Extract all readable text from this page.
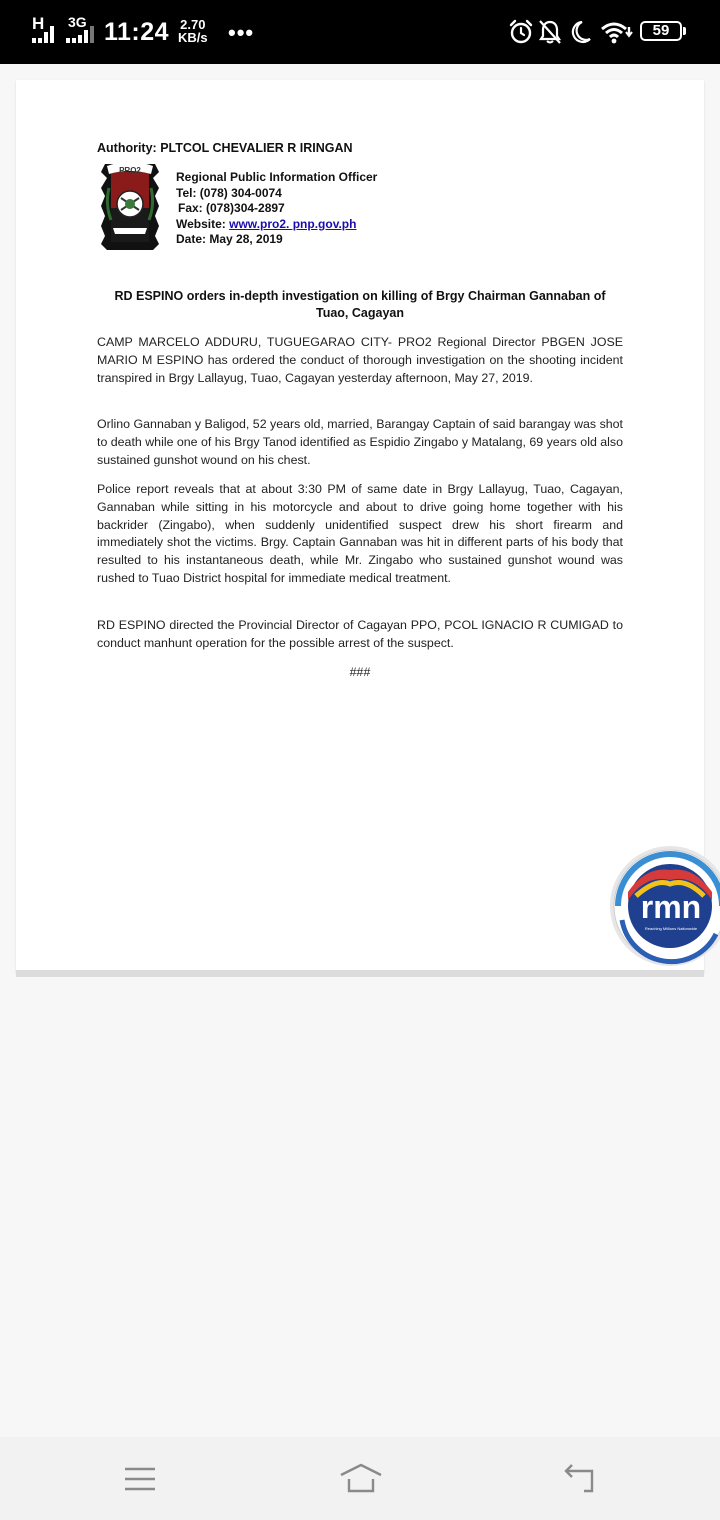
H 3G 11:24 2.70
KB/s •••	59
Authority: PLTCOL CHEVALIER R IRINGAN
PRO2	Regional Public Information Officer
Tel: (078) 304-0074
Fax: (078)304-2897
Website: www.pro2. pnp.gov.ph
Date: May 28, 2019
RD ESPINO orders in-depth investigation on killing of Brgy Chairman Gannaban of Tuao, Cagayan

CAMP MARCELO ADDURU, TUGUEGARAO CITY- PRO2 Regional Director PBGEN JOSE MARIO M ESPINO has ordered the conduct of thorough investigation on the shooting incident transpired in Brgy Lallayug, Tuao, Cagayan yesterday afternoon, May 27, 2019.

Orlino Gannaban y Baligod, 52 years old, married, Barangay Captain of said barangay was shot to death while one of his Brgy Tanod identified as Espidio Zingabo y Matalang, 69 years old also sustained gunshot wound on his chest.

Police report reveals that at about 3:30 PM of same date in Brgy Lallayug, Tuao, Cagayan, Gannaban while sitting in his motorcycle and about to drive going home together with his backrider (Zingabo), when suddenly unidentified suspect drew his short firearm and immediately shot the victims. Brgy. Captain Gannaban was hit in different parts of his body that resulted to his instantaneous death, while Mr. Zingabo who sustained gunshot wound was rushed to Tuao District hospital for immediate medical treatment.

RD ESPINO directed the Provincial Director of Cagayan PPO, PCOL IGNACIO R CUMIGAD to conduct manhunt operation for the possible arrest of the suspect.

###
rmn
Reaching Millions Nationwide
